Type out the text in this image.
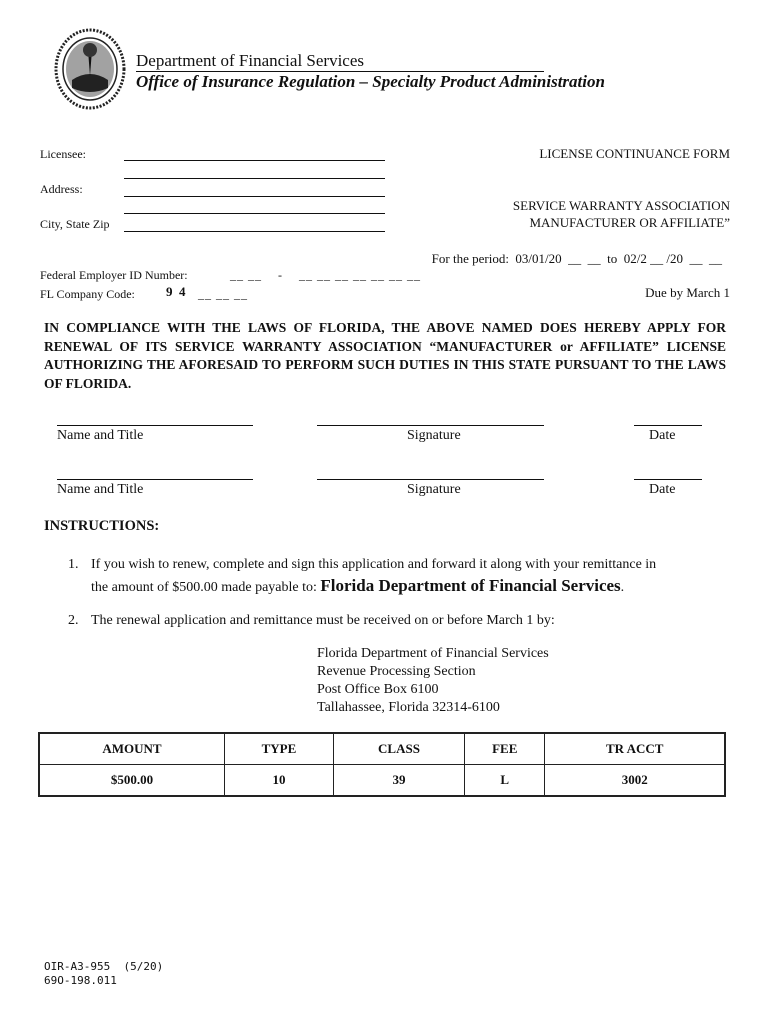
Department of Financial Services
Office of Insurance Regulation – Specialty Product Administration
Licensee:
Address:
City, State Zip
Federal Employer ID Number:	__ __    -    __ __ __ __ __ __ __
FL Company Code: 9  4 __ __ __
LICENSE CONTINUANCE FORM
SERVICE WARRANTY ASSOCIATION
MANUFACTURER OR AFFILIATE”
For the period:  03/01/20  __  __  to  02/2 __ /20  __  __
Due by March 1
IN COMPLIANCE WITH THE LAWS OF FLORIDA, THE ABOVE NAMED DOES HEREBY APPLY FOR RENEWAL OF ITS SERVICE WARRANTY ASSOCIATION “MANUFACTURER or AFFILIATE” LICENSE AUTHORIZING THE AFORESAID TO PERFORM SUCH DUTIES IN THIS STATE PURSUANT TO THE LAWS OF FLORIDA.
Name and Title	Signature	Date
Name and Title	Signature	Date
INSTRUCTIONS:
1. If you wish to renew, complete and sign this application and forward it along with your remittance in
the amount of $500.00 made payable to: Florida Department of Financial Services.
2. The renewal application and remittance must be received on or before March 1 by:
Florida Department of Financial Services
Revenue Processing Section
Post Office Box 6100
Tallahassee, Florida 32314-6100
AMOUNT	TYPE	CLASS	FEE	TR ACCT
$500.00	10	39	L	3002
OIR-A3-955  (5/20)
69O-198.011
